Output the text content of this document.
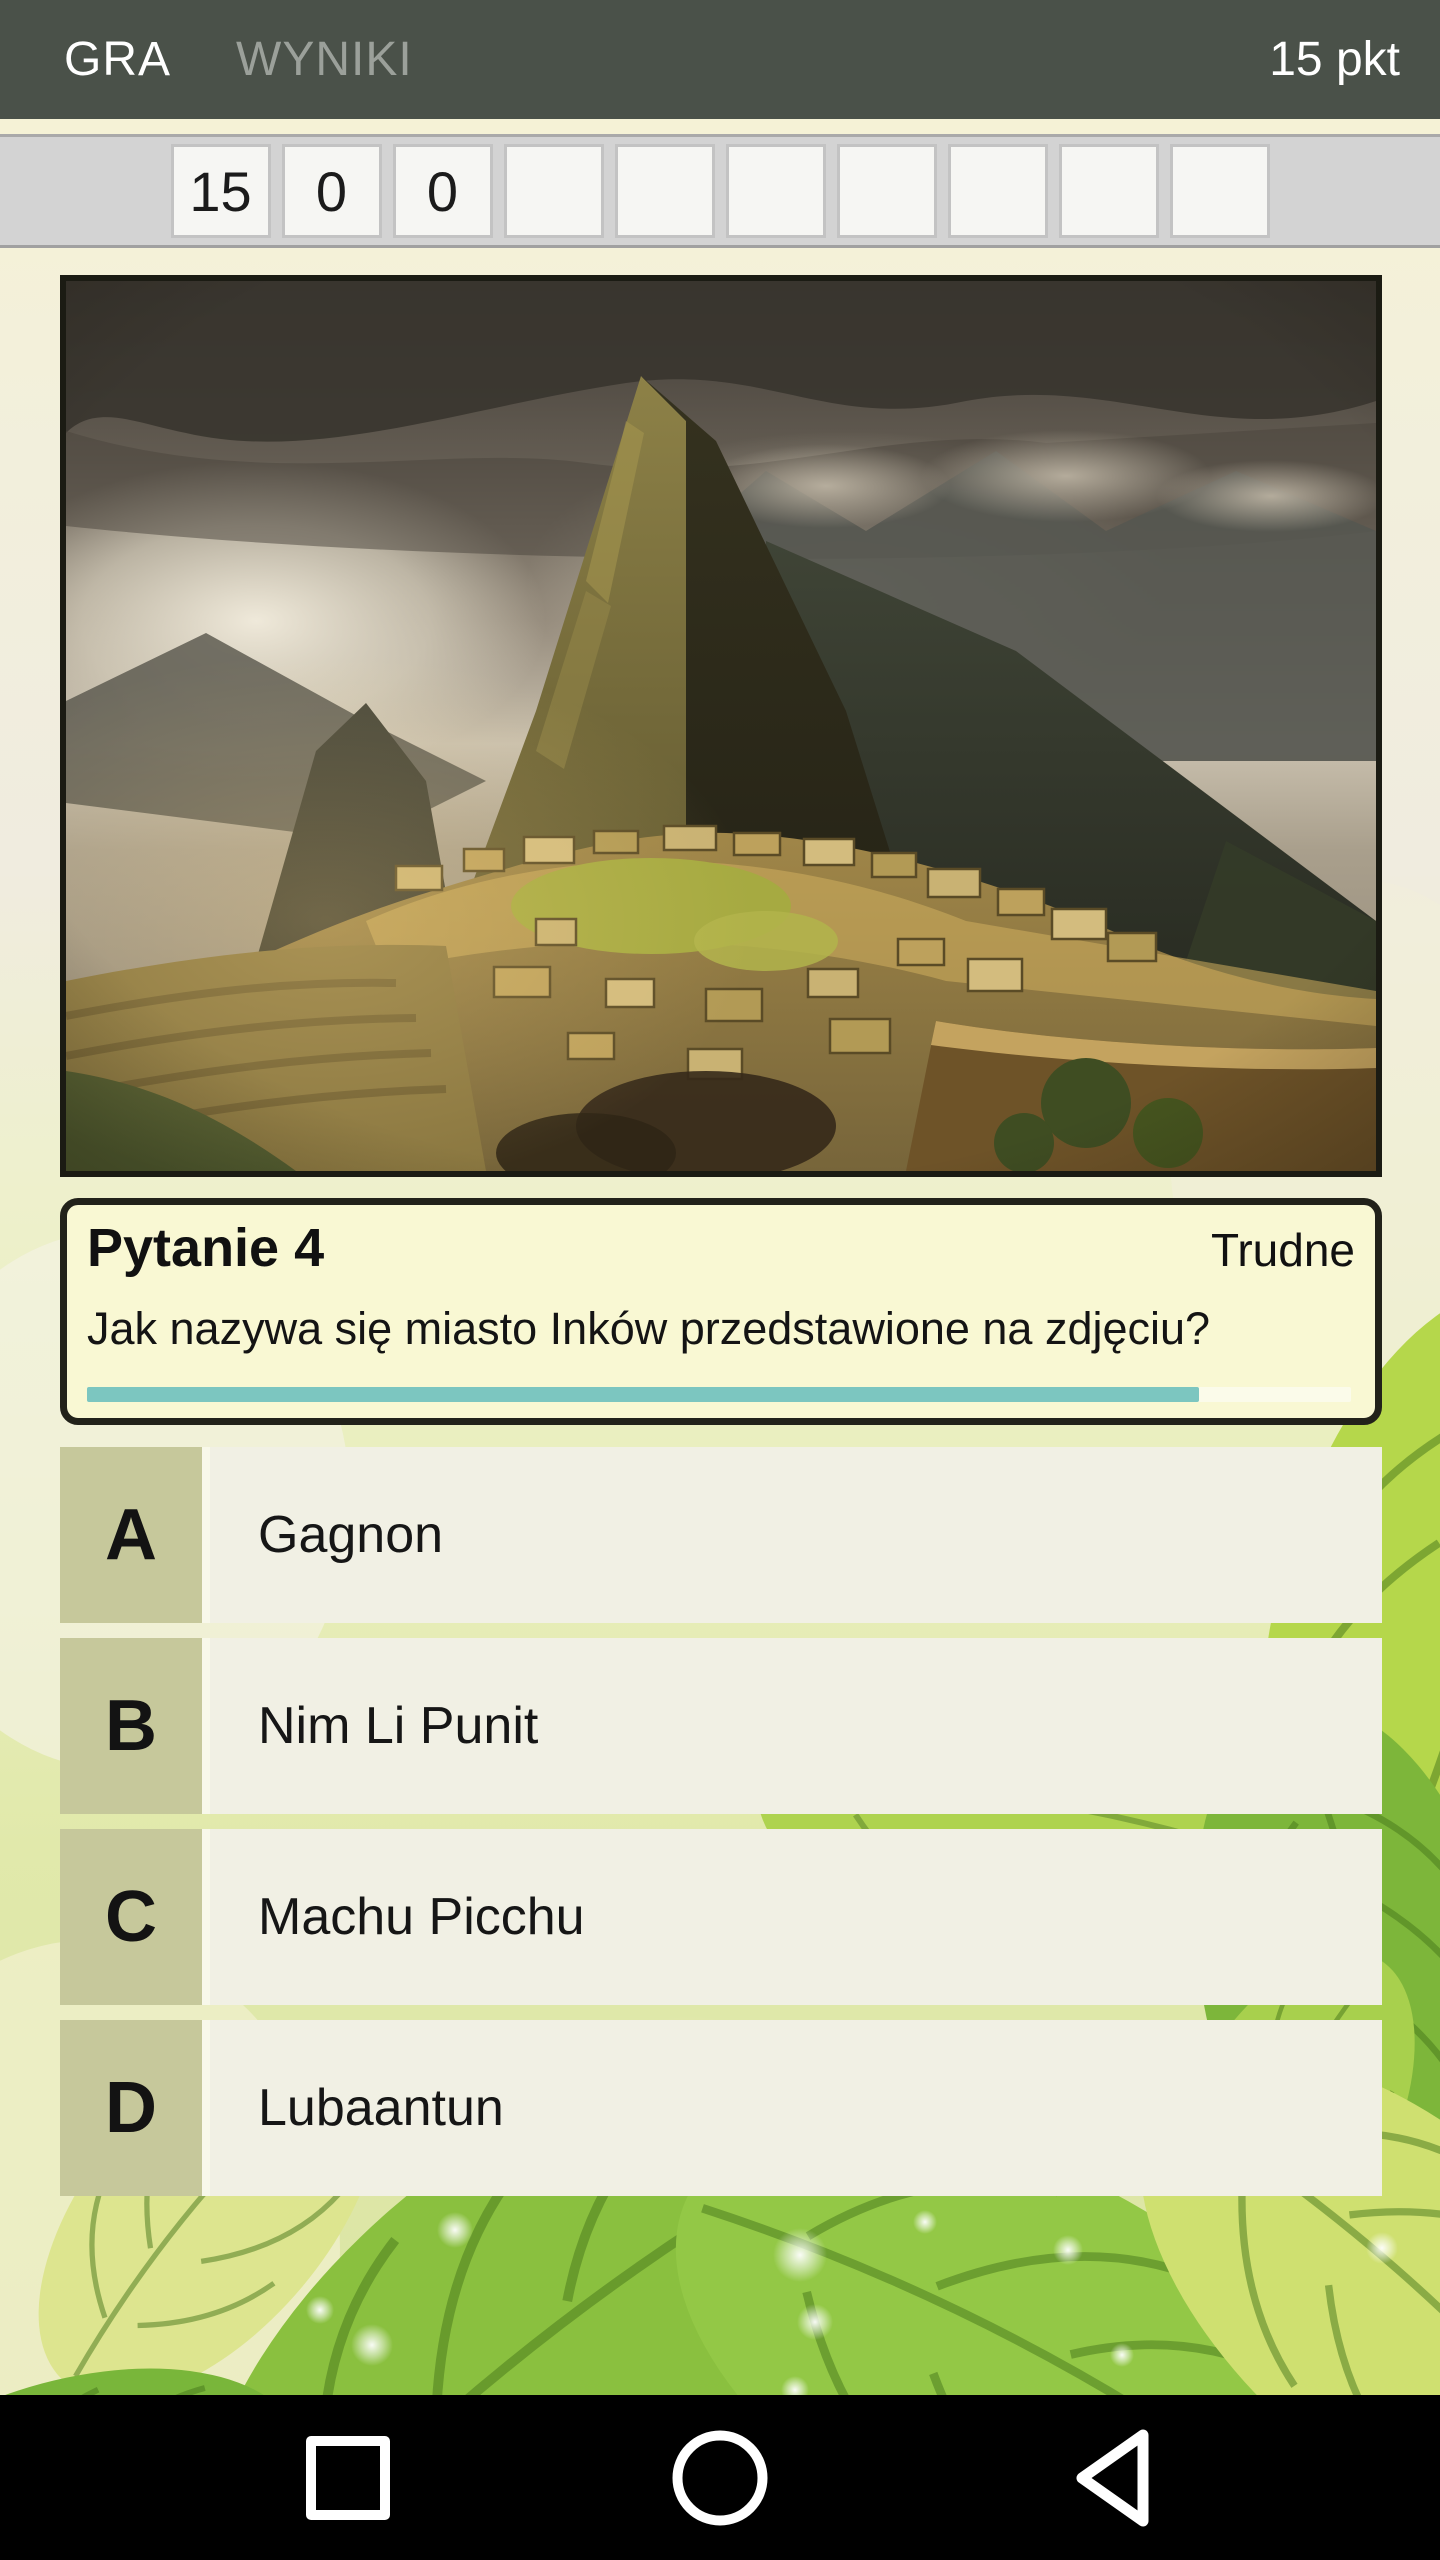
GRA WYNIKI	15 pkt
15	0	0
Pytanie 4	Trudne
Jak nazywa się miasto Inków przedstawione na zdjęciu?
A	Gagnon
B	Nim Li Punit
C	Machu Picchu
D	Lubaantun
